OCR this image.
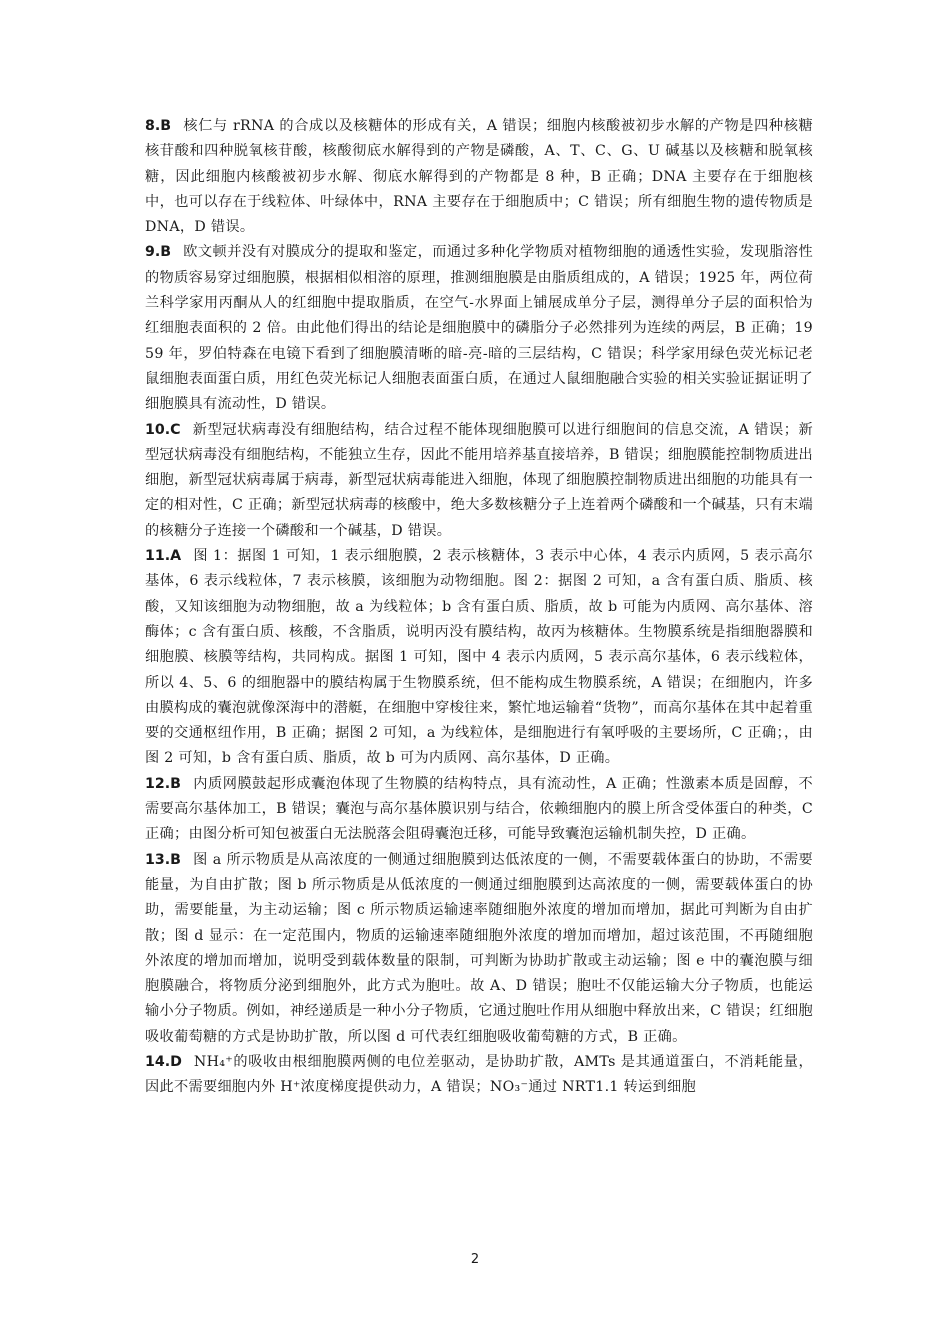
8.B 核仁与 rRNA 的合成以及核糖体的形成有关，A 错误；细胞内核酸被初步水解的产物是四种核糖核苷酸和四种脱氧核苷酸，核酸彻底水解得到的产物是磷酸，A、T、C、G、U 碱基以及核糖和脱氧核糖，因此细胞内核酸被初步水解、彻底水解得到的产物都是 8 种，B 正确；DNA 主要存在于细胞核中，也可以存在于线粒体、叶绿体中，RNA 主要存在于细胞质中；C 错误；所有细胞生物的遗传物质是 DNA，D 错误。

9.B 欧文顿并没有对膜成分的提取和鉴定，而通过多种化学物质对植物细胞的通透性实验，发现脂溶性的物质容易穿过细胞膜，根据相似相溶的原理，推测细胞膜是由脂质组成的，A 错误；1925 年，两位荷兰科学家用丙酮从人的红细胞中提取脂质，在空气-水界面上铺展成单分子层，测得单分子层的面积恰为红细胞表面积的 2 倍。由此他们得出的结论是细胞膜中的磷脂分子必然排列为连续的两层，B 正确；1959 年，罗伯特森在电镜下看到了细胞膜清晰的暗-亮-暗的三层结构，C 错误；科学家用绿色荧光标记老鼠细胞表面蛋白质，用红色荧光标记人细胞表面蛋白质，在通过人鼠细胞融合实验的相关实验证据证明了细胞膜具有流动性，D 错误。

10.C 新型冠状病毒没有细胞结构，结合过程不能体现细胞膜可以进行细胞间的信息交流，A 错误；新型冠状病毒没有细胞结构，不能独立生存，因此不能用培养基直接培养，B 错误；细胞膜能控制物质进出细胞，新型冠状病毒属于病毒，新型冠状病毒能进入细胞，体现了细胞膜控制物质进出细胞的功能具有一定的相对性，C 正确；新型冠状病毒的核酸中，绝大多数核糖分子上连着两个磷酸和一个碱基，只有末端的核糖分子连接一个磷酸和一个碱基，D 错误。

11.A 图 1：据图 1 可知，1 表示细胞膜，2 表示核糖体，3 表示中心体，4 表示内质网，5 表示高尔基体，6 表示线粒体，7 表示核膜，该细胞为动物细胞。图 2：据图 2 可知，a 含有蛋白质、脂质、核酸，又知该细胞为动物细胞，故 a 为线粒体；b 含有蛋白质、脂质，故 b 可能为内质网、高尔基体、溶酶体；c 含有蛋白质、核酸，不含脂质，说明丙没有膜结构，故丙为核糖体。生物膜系统是指细胞器膜和细胞膜、核膜等结构，共同构成。据图 1 可知，图中 4 表示内质网，5 表示高尔基体，6 表示线粒体，所以 4、5、6 的细胞器中的膜结构属于生物膜系统，但不能构成生物膜系统，A 错误；在细胞内，许多由膜构成的囊泡就像深海中的潜艇，在细胞中穿梭往来，繁忙地运输着“货物”，而高尔基体在其中起着重要的交通枢纽作用，B 正确；据图 2 可知，a 为线粒体，是细胞进行有氧呼吸的主要场所，C 正确；，由图 2 可知，b 含有蛋白质、脂质，故 b 可为内质网、高尔基体，D 正确。

12.B 内质网膜鼓起形成囊泡体现了生物膜的结构特点，具有流动性，A 正确；性激素本质是固醇，不需要高尔基体加工，B 错误；囊泡与高尔基体膜识别与结合，依赖细胞内的膜上所含受体蛋白的种类，C 正确；由图分析可知包被蛋白无法脱落会阻碍囊泡迁移，可能导致囊泡运输机制失控，D 正确。

13.B 图 a 所示物质是从高浓度的一侧通过细胞膜到达低浓度的一侧，不需要载体蛋白的协助，不需要能量，为自由扩散；图 b 所示物质是从低浓度的一侧通过细胞膜到达高浓度的一侧，需要载体蛋白的协助，需要能量，为主动运输；图 c 所示物质运输速率随细胞外浓度的增加而增加，据此可判断为自由扩散；图 d 显示：在一定范围内，物质的运输速率随细胞外浓度的增加而增加，超过该范围，不再随细胞外浓度的增加而增加，说明受到载体数量的限制，可判断为协助扩散或主动运输；图 e 中的囊泡膜与细胞膜融合，将物质分泌到细胞外，此方式为胞吐。故 A、D 错误；胞吐不仅能运输大分子物质，也能运输小分子物质。例如，神经递质是一种小分子物质，它通过胞吐作用从细胞中释放出来，C 错误；红细胞吸收葡萄糖的方式是协助扩散，所以图 d 可代表红细胞吸收葡萄糖的方式，B 正确。

14.D NH₄⁺的吸收由根细胞膜两侧的电位差驱动，是协助扩散，AMTs 是其通道蛋白，不消耗能量，因此不需要细胞内外 H⁺浓度梯度提供动力，A 错误；NO₃⁻通过 NRT1.1 转运到细胞

2
